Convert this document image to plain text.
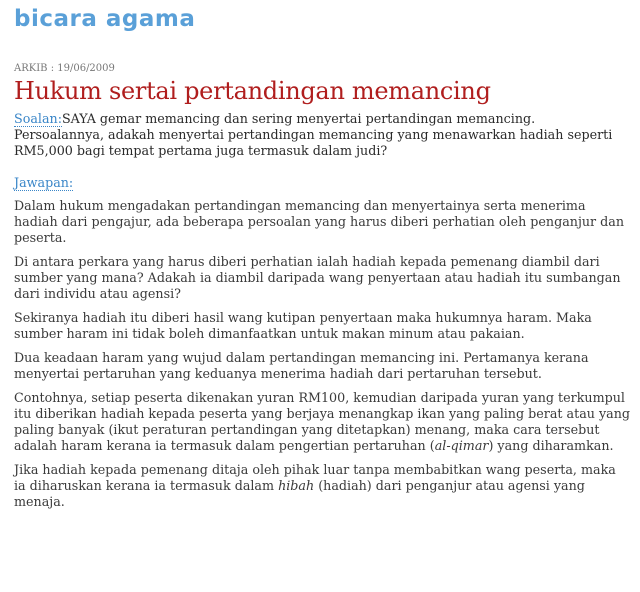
bicara agama
ARKIB : 19/06/2009
Hukum sertai pertandingan memancing
Soalan:SAYA gemar memancing dan sering menyertai pertandingan memancing. Persoalannya, adakah menyertai pertandingan memancing yang menawarkan hadiah seperti RM5,000 bagi tempat pertama juga termasuk dalam judi?
Jawapan:

Dalam hukum mengadakan pertandingan memancing dan menyertainya serta menerima hadiah dari pengajur, ada beberapa persoalan yang harus diberi perhatian oleh penganjur dan peserta.

Di antara perkara yang harus diberi perhatian ialah hadiah kepada pemenang diambil dari sumber yang mana? Adakah ia diambil daripada wang penyertaan atau hadiah itu sumbangan dari individu atau agensi?

Sekiranya hadiah itu diberi hasil wang kutipan penyertaan maka hukumnya haram. Maka sumber haram ini tidak boleh dimanfaatkan untuk makan minum atau pakaian.

Dua keadaan haram yang wujud dalam pertandingan memancing ini. Pertamanya kerana menyertai pertaruhan yang keduanya menerima hadiah dari pertaruhan tersebut.

Contohnya, setiap peserta dikenakan yuran RM100, kemudian daripada yuran yang terkumpul itu diberikan hadiah kepada peserta yang berjaya menangkap ikan yang paling berat atau yang paling banyak (ikut peraturan pertandingan yang ditetapkan) menang, maka cara tersebut adalah haram kerana ia termasuk dalam pengertian pertaruhan (al-qimar) yang diharamkan.

Jika hadiah kepada pemenang ditaja oleh pihak luar tanpa membabitkan wang peserta, maka ia diharuskan kerana ia termasuk dalam hibah (hadiah) dari penganjur atau agensi yang menaja.
